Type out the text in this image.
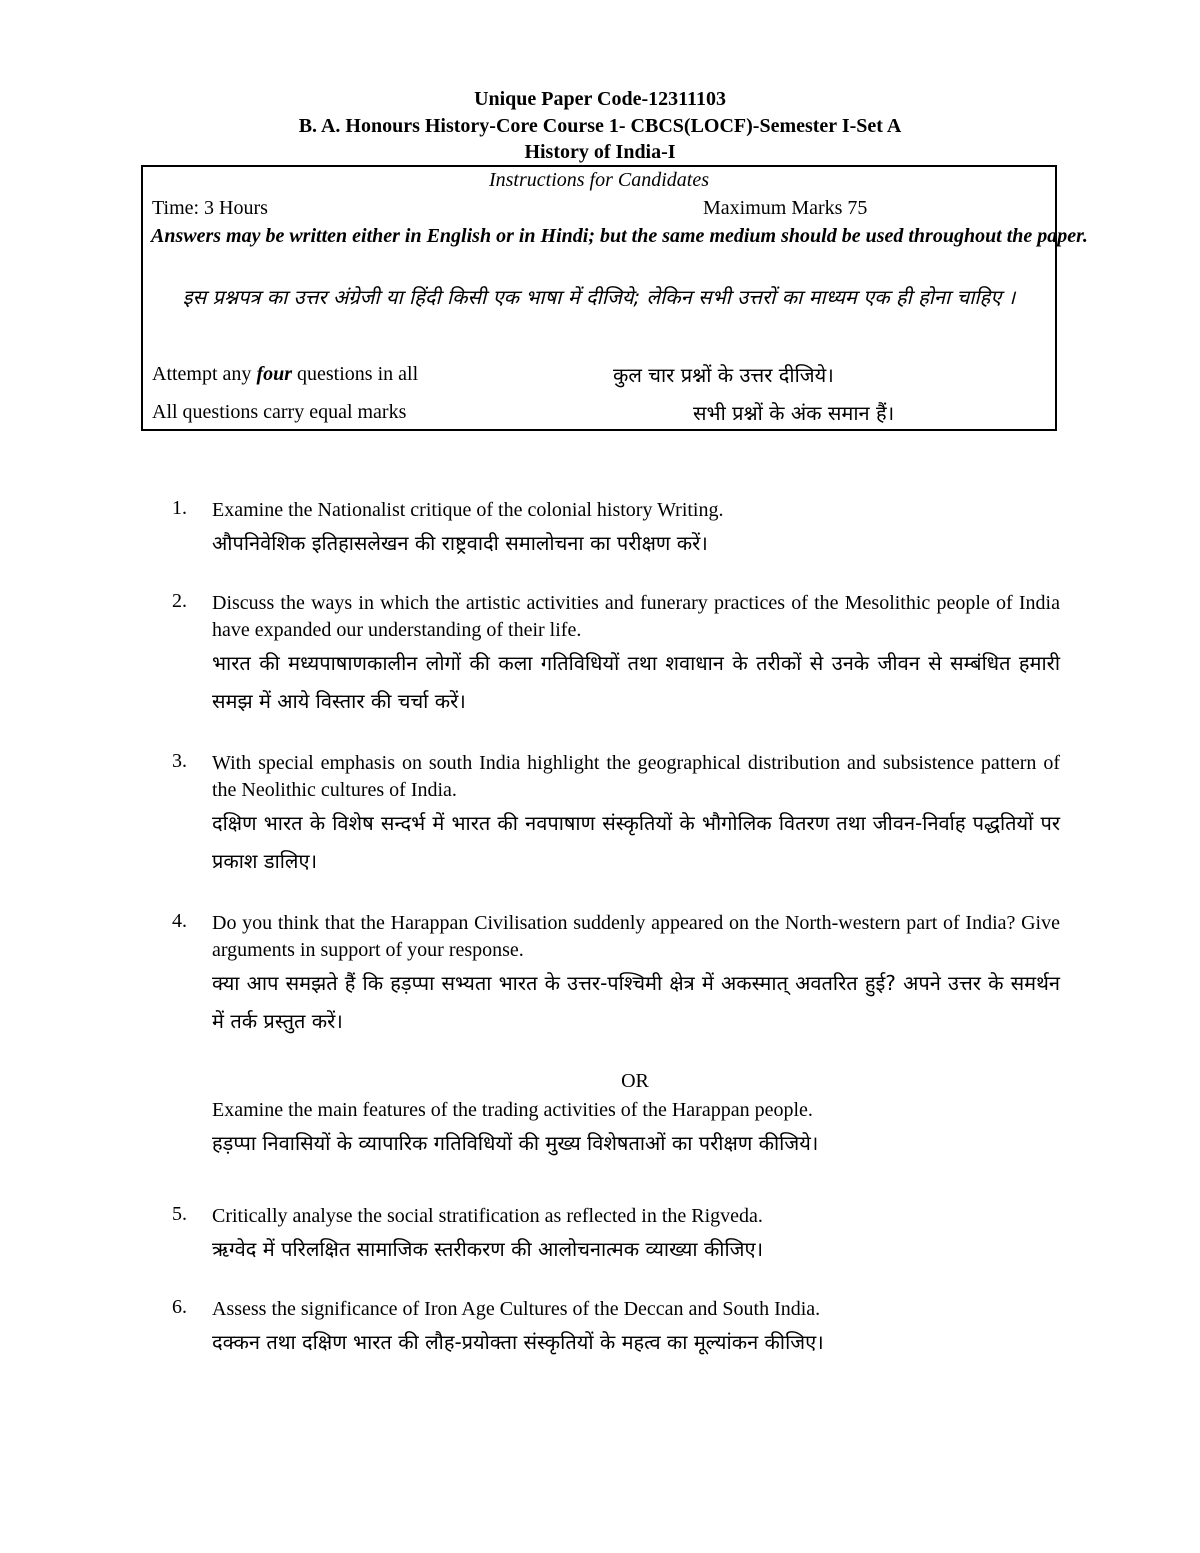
Unique Paper Code-12311103
B. A. Honours History-Core Course 1- CBCS(LOCF)-Semester I-Set A
History of India-I
Instructions for Candidates
Time: 3 Hours	Maximum Marks 75
Answers may be written either in English or in Hindi; but the same medium should be used throughout the paper.
इस प्रश्नपत्र का उत्तर अंग्रेजी या हिंदी किसी एक भाषा में दीजिये; लेकिन सभी उत्तरों का माध्यम एक ही होना चाहिए ।
Attempt any four questions in all	कुल चार प्रश्नों के उत्तर दीजिये।
All questions carry equal marks	सभी प्रश्नों के अंक समान हैं।
1. Examine the Nationalist critique of the colonial history Writing.
औपनिवेशिक इतिहासलेखन की राष्ट्रवादी समालोचना का परीक्षण करें।
2. Discuss the ways in which the artistic activities and funerary practices of the Mesolithic people of India have expanded our understanding of their life.
भारत की मध्यपाषाणकालीन लोगों की कला गतिविधियों तथा शवाधान के तरीकों से उनके जीवन से सम्बंधित हमारी समझ में आये विस्तार की चर्चा करें।
3. With special emphasis on south India highlight the geographical distribution and subsistence pattern of the Neolithic cultures of India.
दक्षिण भारत के विशेष सन्दर्भ में भारत की नवपाषाण संस्कृतियों के भौगोलिक वितरण तथा जीवन-निर्वाह पद्धतियों पर प्रकाश डालिए।
4. Do you think that the Harappan Civilisation suddenly appeared on the North-western part of India? Give arguments in support of your response.
क्या आप समझते हैं कि हड़प्पा सभ्यता भारत के उत्तर-पश्चिमी क्षेत्र में अकस्मात् अवतरित हुई? अपने उत्तर के समर्थन में तर्क प्रस्तुत करें।
OR
Examine the main features of the trading activities of the Harappan people.
हड़प्पा निवासियों के व्यापारिक गतिविधियों की मुख्य विशेषताओं का परीक्षण कीजिये।
5. Critically analyse the social stratification as reflected in the Rigveda.
ऋग्वेद में परिलक्षित सामाजिक स्तरीकरण की आलोचनात्मक व्याख्या कीजिए।
6. Assess the significance of Iron Age Cultures of the Deccan and South India.
दक्कन तथा दक्षिण भारत की लौह-प्रयोक्ता संस्कृतियों के महत्व का मूल्यांकन कीजिए।
